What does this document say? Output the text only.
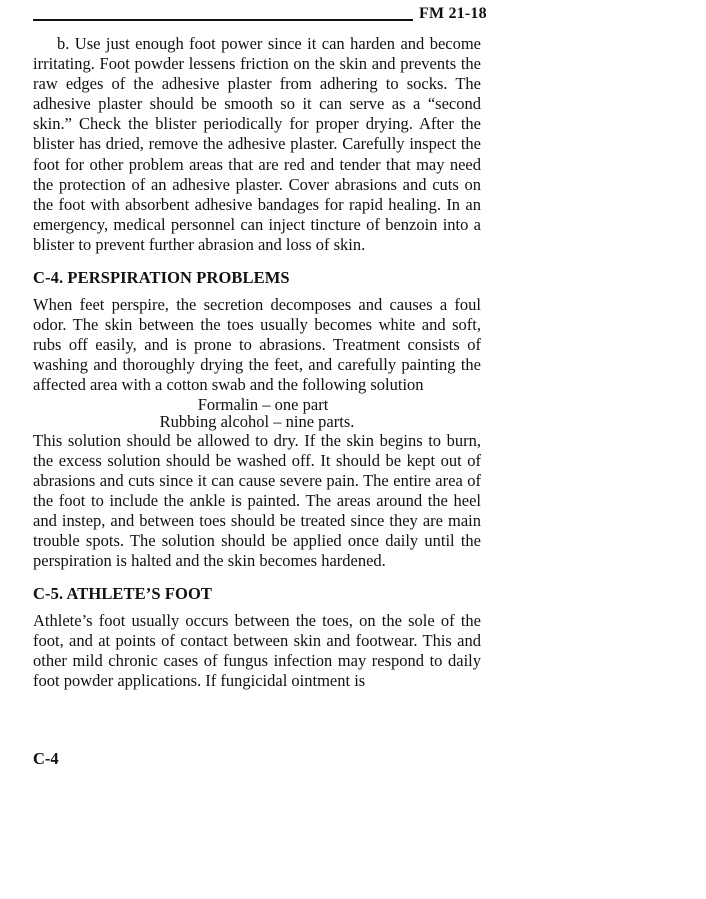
FM 21-18

b. Use just enough foot power since it can harden and become irritating. Foot powder lessens friction on the skin and prevents the raw edges of the adhesive plaster from adhering to socks. The adhesive plaster should be smooth so it can serve as a “second skin.” Check the blister periodically for proper drying. After the blister has dried, remove the adhesive plaster. Carefully inspect the foot for other problem areas that are red and tender that may need the protection of an adhesive plaster. Cover abrasions and cuts on the foot with absorbent adhesive bandages for rapid healing. In an emergency, medical personnel can inject tincture of benzoin into a blister to prevent further abrasion and loss of skin.

C-4. PERSPIRATION PROBLEMS

When feet perspire, the secretion decomposes and causes a foul odor. The skin between the toes usually becomes white and soft, rubs off easily, and is prone to abrasions. Treatment consists of washing and thoroughly drying the feet, and carefully painting the affected area with a cotton swab and the following solution

Formalin – one part
Rubbing alcohol – nine parts.

This solution should be allowed to dry. If the skin begins to burn, the excess solution should be washed off. It should be kept out of abrasions and cuts since it can cause severe pain. The entire area of the foot to include the ankle is painted. The areas around the heel and instep, and between toes should be treated since they are main trouble spots. The solution should be applied once daily until the perspiration is halted and the skin becomes hardened.

C-5. ATHLETE’S FOOT

Athlete’s foot usually occurs between the toes, on the sole of the foot, and at points of contact between skin and footwear. This and other mild chronic cases of fungus infection may respond to daily foot powder applications. If fungicidal ointment is

C-4
